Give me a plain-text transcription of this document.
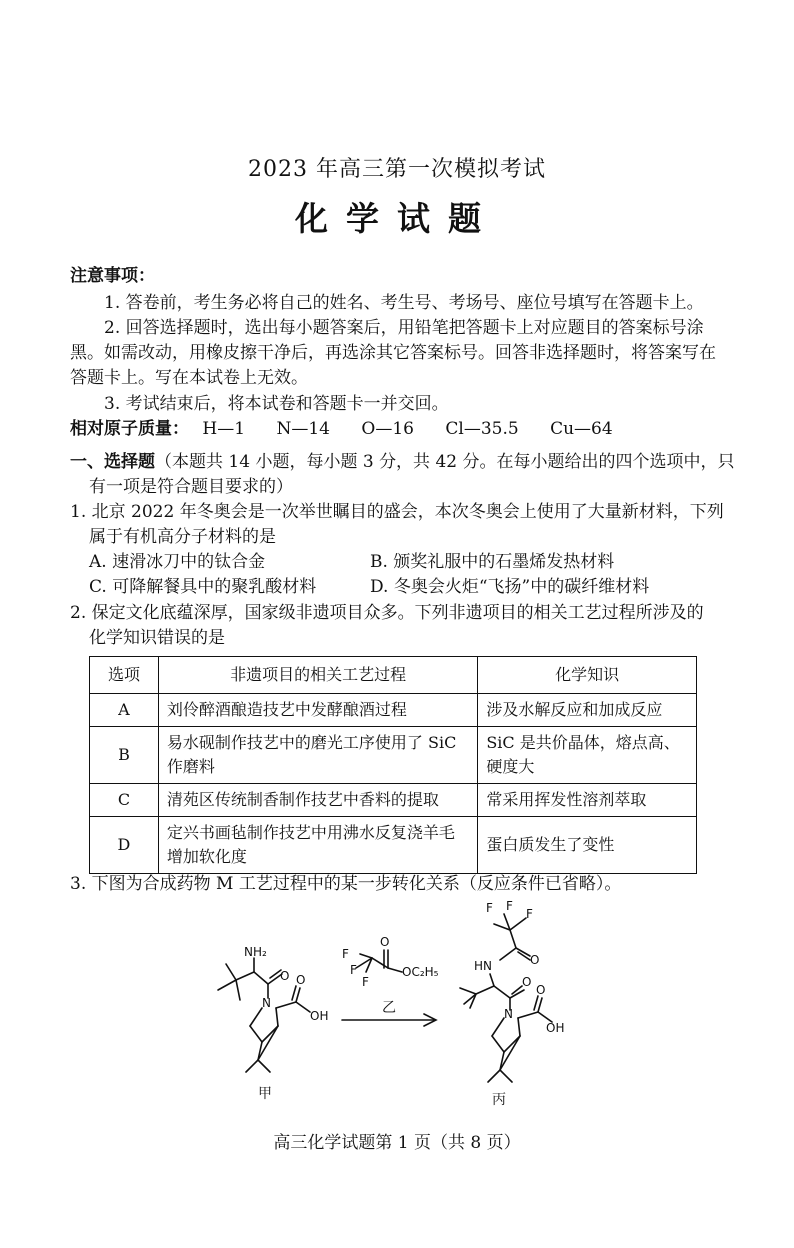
2023 年高三第一次模拟考试
化学试题
注意事项：
1. 答卷前，考生务必将自己的姓名、考生号、考场号、座位号填写在答题卡上。
2. 回答选择题时，选出每小题答案后，用铅笔把答题卡上对应题目的答案标号涂
黑。如需改动，用橡皮擦干净后，再选涂其它答案标号。回答非选择题时，将答案写在
答题卡上。写在本试卷上无效。
3. 考试结束后，将本试卷和答题卡一并交回。
相对原子质量： H—1 N—14 O—16 Cl—35.5 Cu—64
一、选择题（本题共 14 小题，每小题 3 分，共 42 分。在每小题给出的四个选项中，只
有一项是符合题目要求的）
1. 北京 2022 年冬奥会是一次举世瞩目的盛会，本次冬奥会上使用了大量新材料，下列
属于有机高分子材料的是
A. 速滑冰刀中的钛合金	B. 颁奖礼服中的石墨烯发热材料
C. 可降解餐具中的聚乳酸材料	D. 冬奥会火炬“飞扬”中的碳纤维材料
2. 保定文化底蕴深厚，国家级非遗项目众多。下列非遗项目的相关工艺过程所涉及的
化学知识错误的是
选项	非遗项目的相关工艺过程	化学知识
A	刘伶醉酒酿造技艺中发酵酿酒过程	涉及水解反应和加成反应
B	易水砚制作技艺中的磨光工序使用了 SiC 作磨料	SiC 是共价晶体，熔点高、硬度大
C	清苑区传统制香制作技艺中香料的提取	常采用挥发性溶剂萃取
D	定兴书画毡制作技艺中用沸水反复浇羊毛增加软化度	蛋白质发生了变性
3. 下图为合成药物 M 工艺过程中的某一步转化关系（反应条件已省略）。
NH₂
O
N
O
OH
F
F
F
O
OC₂H₅
F F
F
O
HN
O
N
O
OH
甲
乙
丙
高三化学试题第 1 页（共 8 页）
